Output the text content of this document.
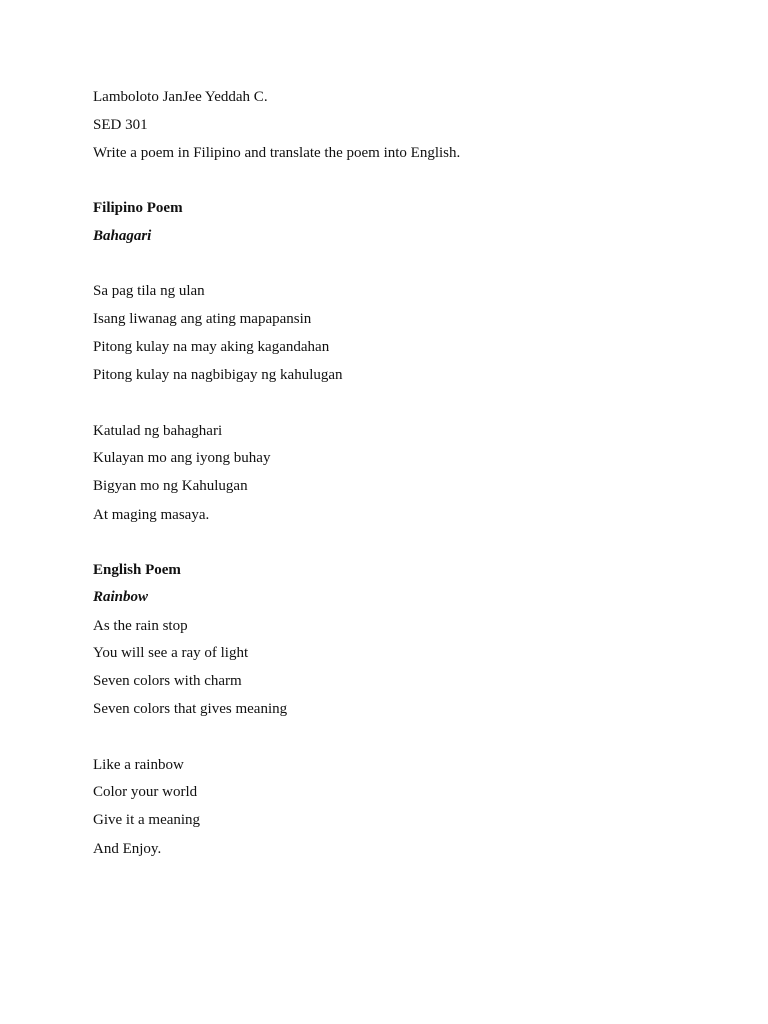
Lamboloto JanJee Yeddah C.
SED 301
Write a poem in Filipino and translate the poem into English.
Filipino Poem
Bahagari
Sa pag tila ng ulan
Isang liwanag ang ating mapapansin
Pitong kulay na may aking kagandahan
Pitong kulay na nagbibigay ng kahulugan
Katulad ng bahaghari
Kulayan mo ang iyong buhay
Bigyan mo ng Kahulugan
At maging masaya.
English Poem
Rainbow
As the rain stop
You will see a ray of light
Seven colors with charm
Seven colors that gives meaning
Like a rainbow
Color your world
Give it a meaning
And Enjoy.
